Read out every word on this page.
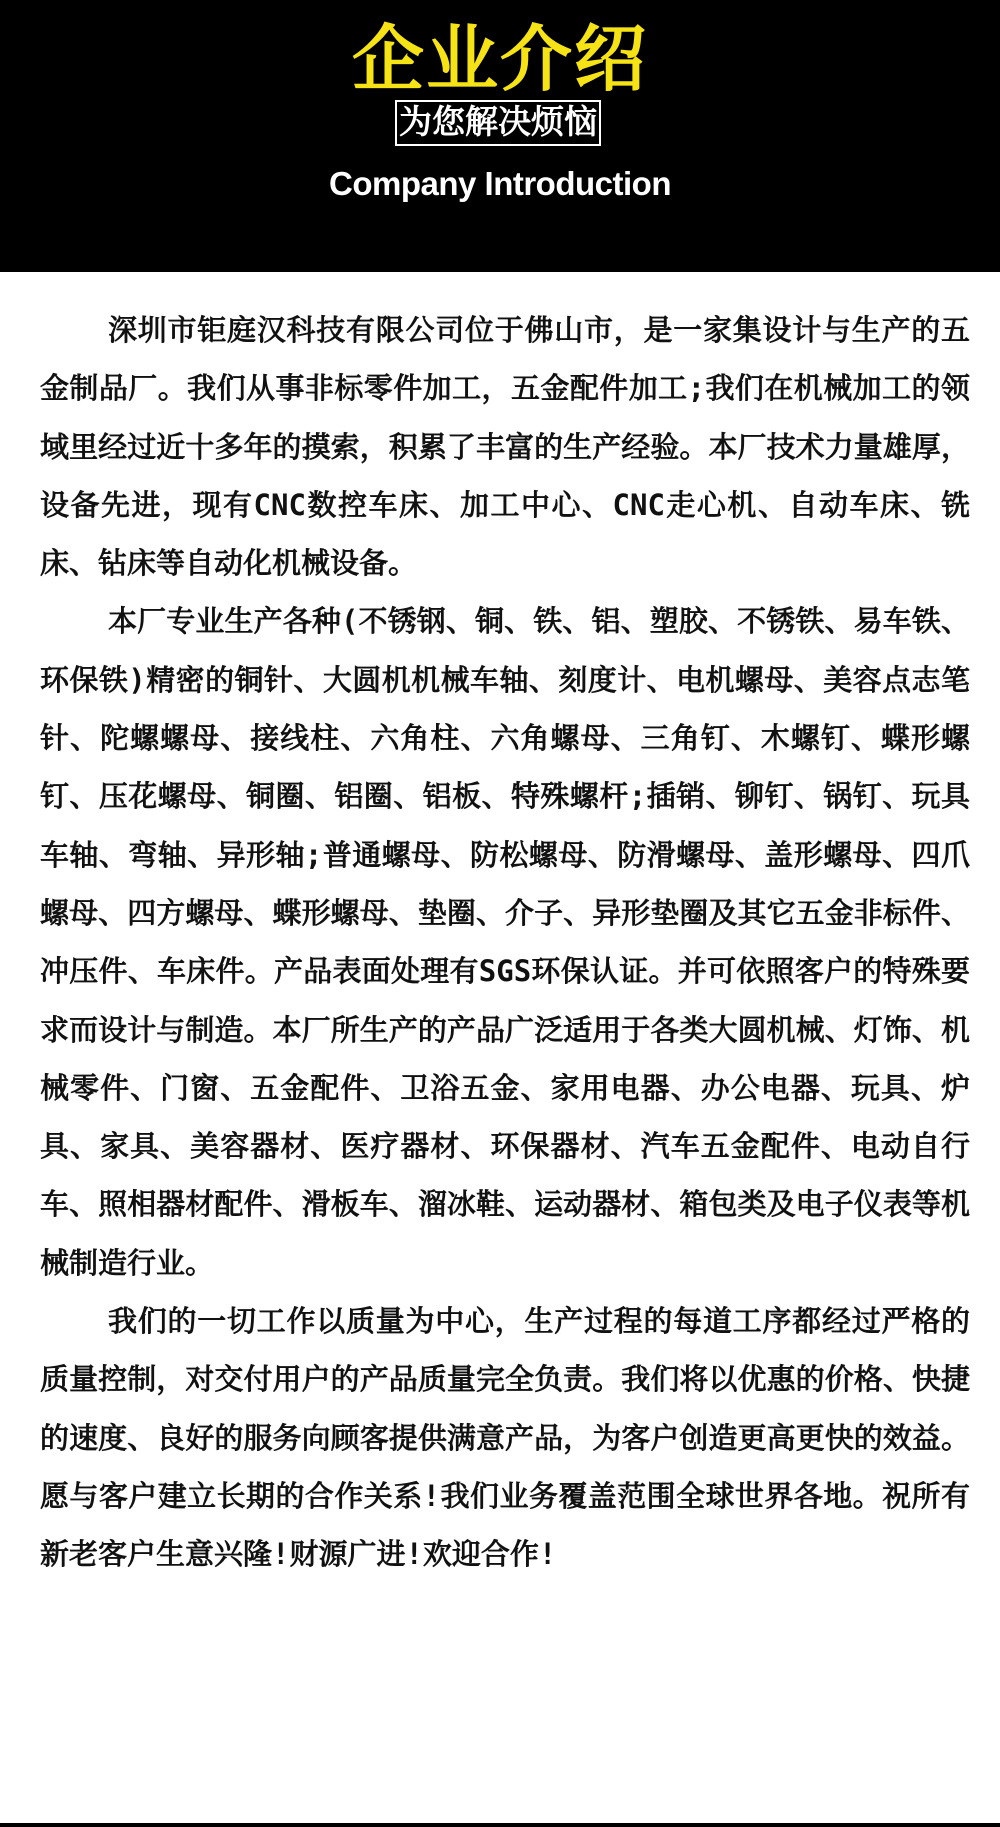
企业介绍
为您解决烦恼
Company Introduction

深圳市钜庭汉科技有限公司位于佛山市，是一家集设计与生产的五金制品厂。我们从事非标零件加工，五金配件加工;我们在机械加工的领域里经过近十多年的摸索，积累了丰富的生产经验。本厂技术力量雄厚，设备先进，现有CNC数控车床、加工中心、CNC走心机、自动车床、铣床、钻床等自动化机械设备。

本厂专业生产各种(不锈钢、铜、铁、铝、塑胶、不锈铁、易车铁、环保铁)精密的铜针、大圆机机械车轴、刻度计、电机螺母、美容点志笔针、陀螺螺母、接线柱、六角柱、六角螺母、三角钉、木螺钉、蝶形螺钉、压花螺母、铜圈、铝圈、铝板、特殊螺杆;插销、铆钉、锅钉、玩具车轴、弯轴、异形轴;普通螺母、防松螺母、防滑螺母、盖形螺母、四爪螺母、四方螺母、蝶形螺母、垫圈、介子、异形垫圈及其它五金非标件、冲压件、车床件。产品表面处理有SGS环保认证。并可依照客户的特殊要求而设计与制造。本厂所生产的产品广泛适用于各类大圆机械、灯饰、机械零件、门窗、五金配件、卫浴五金、家用电器、办公电器、玩具、炉具、家具、美容器材、医疗器材、环保器材、汽车五金配件、电动自行车、照相器材配件、滑板车、溜冰鞋、运动器材、箱包类及电子仪表等机械制造行业。

我们的一切工作以质量为中心，生产过程的每道工序都经过严格的质量控制，对交付用户的产品质量完全负责。我们将以优惠的价格、快捷的速度、良好的服务向顾客提供满意产品，为客户创造更高更快的效益。愿与客户建立长期的合作关系!我们业务覆盖范围全球世界各地。祝所有新老客户生意兴隆!财源广进!欢迎合作!
